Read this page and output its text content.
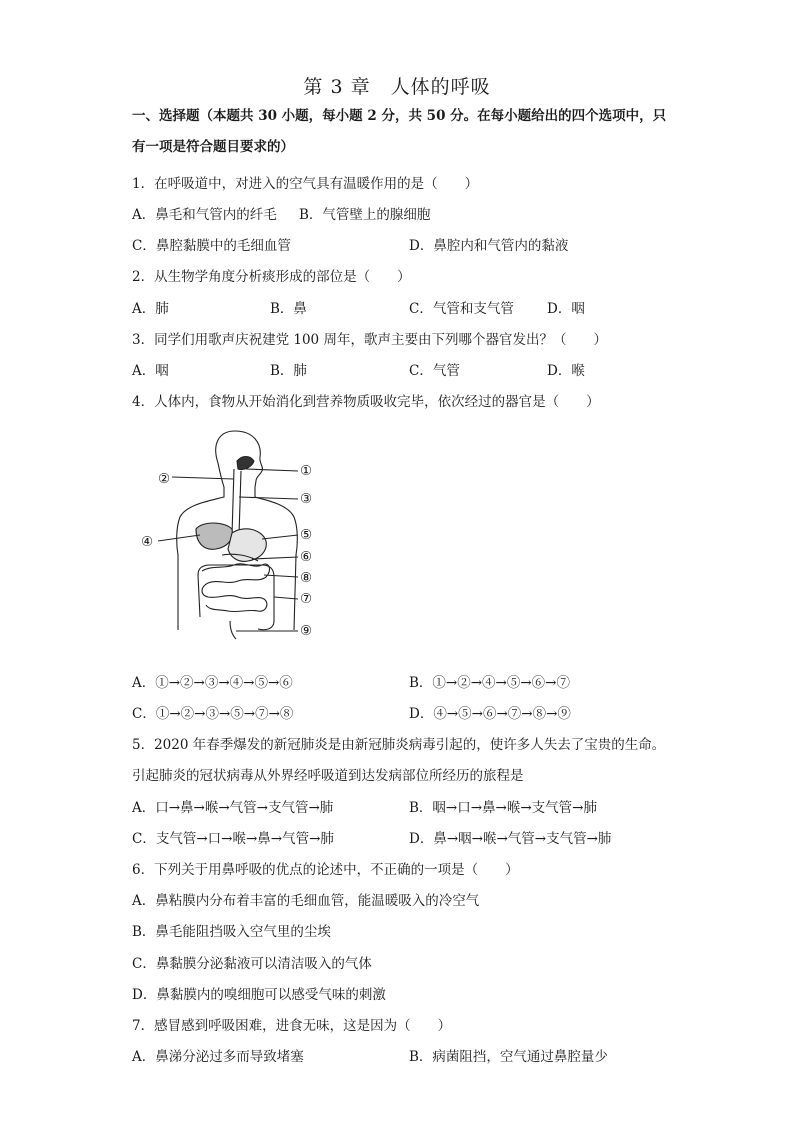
第 3 章　人体的呼吸
一、选择题（本题共 30 小题，每小题 2 分，共 50 分。在每小题给出的四个选项中，只
有一项是符合题目要求的）
1．在呼吸道中，对进入的空气具有温暖作用的是（　　）
A．鼻毛和气管内的纤毛 B．气管壁上的腺细胞
C．鼻腔黏膜中的毛细血管	D．鼻腔内和气管内的黏液
2．从生物学角度分析痰形成的部位是（　　）
A．肺	B．鼻	C．气管和支气管 D．咽
3．同学们用歌声庆祝建党 100 周年，歌声主要由下列哪个器官发出？（　　）
A．咽	B．肺	C．气管	D．喉
4．人体内，食物从开始消化到营养物质吸收完毕，依次经过的器官是（　　）
①
②
③
④	⑤
⑥
⑧
⑦
⑨
A．①→②→③→④→⑤→⑥	B．①→②→④→⑤→⑥→⑦
C．①→②→③→⑤→⑦→⑧	D．④→⑤→⑥→⑦→⑧→⑨
5．2020 年春季爆发的新冠肺炎是由新冠肺炎病毒引起的，使许多人失去了宝贵的生命。
引起肺炎的冠状病毒从外界经呼吸道到达发病部位所经历的旅程是
A．口→鼻→喉→气管→支气管→肺	B．咽→口→鼻→喉→支气管→肺
C．支气管→口→喉→鼻→气管→肺	D．鼻→咽→喉→气管→支气管→肺
6．下列关于用鼻呼吸的优点的论述中，不正确的一项是（　　）
A．鼻粘膜内分布着丰富的毛细血管，能温暖吸入的冷空气
B．鼻毛能阻挡吸入空气里的尘埃
C．鼻黏膜分泌黏液可以清洁吸入的气体
D．鼻黏膜内的嗅细胞可以感受气味的刺激
7．感冒感到呼吸困难，进食无味，这是因为（　　）
A．鼻涕分泌过多而导致堵塞	B．病菌阻挡，空气通过鼻腔量少
